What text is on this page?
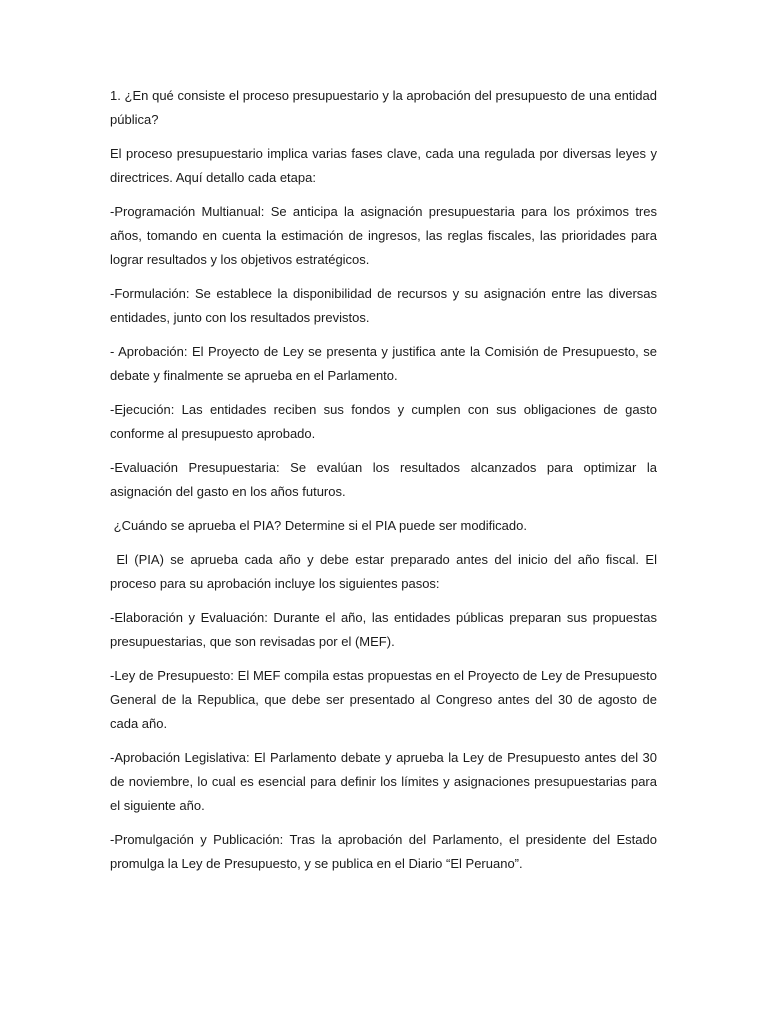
1. ¿En qué consiste el proceso presupuestario y la aprobación del presupuesto de una entidad pública?

El proceso presupuestario implica varias fases clave, cada una regulada por diversas leyes y directrices. Aquí detallo cada etapa:

-Programación Multianual: Se anticipa la asignación presupuestaria para los próximos tres años, tomando en cuenta la estimación de ingresos, las reglas fiscales, las prioridades para lograr resultados y los objetivos estratégicos.

-Formulación: Se establece la disponibilidad de recursos y su asignación entre las diversas entidades, junto con los resultados previstos.

- Aprobación: El Proyecto de Ley se presenta y justifica ante la Comisión de Presupuesto, se debate y finalmente se aprueba en el Parlamento.

-Ejecución: Las entidades reciben sus fondos y cumplen con sus obligaciones de gasto conforme al presupuesto aprobado.

-Evaluación Presupuestaria: Se evalúan los resultados alcanzados para optimizar la asignación del gasto en los años futuros.

¿Cuándo se aprueba el PIA? Determine si el PIA puede ser modificado.

El (PIA) se aprueba cada año y debe estar preparado antes del inicio del año fiscal. El proceso para su aprobación incluye los siguientes pasos:

-Elaboración y Evaluación: Durante el año, las entidades públicas preparan sus propuestas presupuestarias, que son revisadas por el (MEF).

-Ley de Presupuesto: El MEF compila estas propuestas en el Proyecto de Ley de Presupuesto General de la Republica, que debe ser presentado al Congreso antes del 30 de agosto de cada año.

-Aprobación Legislativa: El Parlamento debate y aprueba la Ley de Presupuesto antes del 30 de noviembre, lo cual es esencial para definir los límites y asignaciones presupuestarias para el siguiente año.

-Promulgación y Publicación: Tras la aprobación del Parlamento, el presidente del Estado promulga la Ley de Presupuesto, y se publica en el Diario “El Peruano”.
